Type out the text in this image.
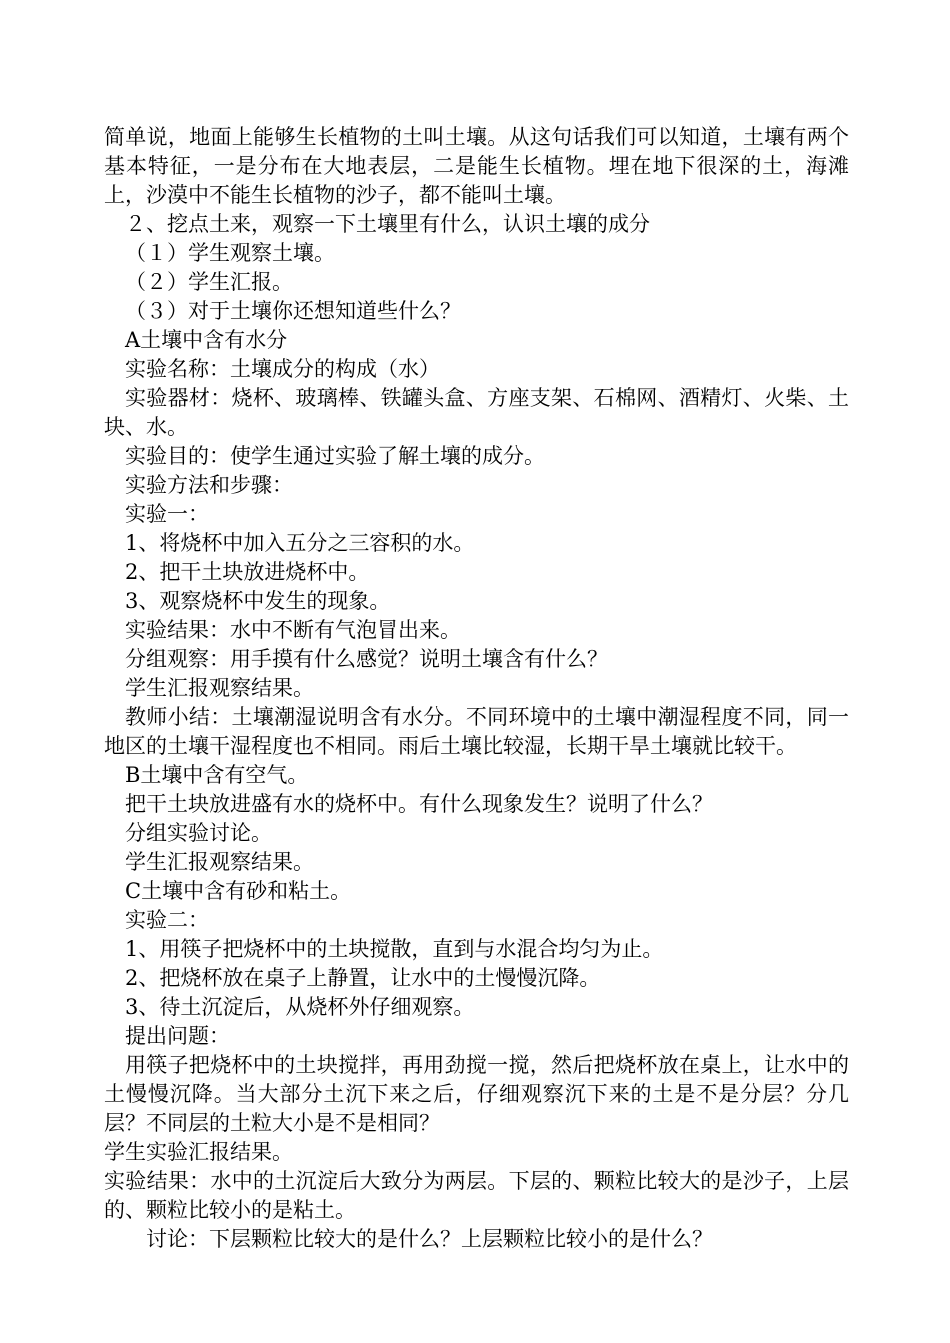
简单说，地面上能够生长植物的土叫土壤。从这句话我们可以知道，土壤有两个基本特征，一是分布在大地表层，二是能生长植物。埋在地下很深的土，海滩上，沙漠中不能生长植物的沙子，都不能叫土壤。

２、挖点土来，观察一下土壤里有什么，认识土壤的成分

（１）学生观察土壤。

（２）学生汇报。

（３）对于土壤你还想知道些什么？

A土壤中含有水分

实验名称：土壤成分的构成（水）

实验器材：烧杯、玻璃棒、铁罐头盒、方座支架、石棉网、酒精灯、火柴、土块、水。

实验目的：使学生通过实验了解土壤的成分。

实验方法和步骤：

实验一：

1、将烧杯中加入五分之三容积的水。

2、把干土块放进烧杯中。

3、观察烧杯中发生的现象。

实验结果：水中不断有气泡冒出来。

分组观察：用手摸有什么感觉？说明土壤含有什么？

学生汇报观察结果。

教师小结：土壤潮湿说明含有水分。不同环境中的土壤中潮湿程度不同，同一地区的土壤干湿程度也不相同。雨后土壤比较湿，长期干旱土壤就比较干。

B土壤中含有空气。

把干土块放进盛有水的烧杯中。有什么现象发生？说明了什么？

分组实验讨论。

学生汇报观察结果。

C土壤中含有砂和粘土。

实验二：

1、用筷子把烧杯中的土块搅散，直到与水混合均匀为止。

2、把烧杯放在桌子上静置，让水中的土慢慢沉降。

3、待土沉淀后，从烧杯外仔细观察。

提出问题：

用筷子把烧杯中的土块搅拌，再用劲搅一搅，然后把烧杯放在桌上，让水中的土慢慢沉降。当大部分土沉下来之后，仔细观察沉下来的土是不是分层？分几层？不同层的土粒大小是不是相同？

学生实验汇报结果。

实验结果：水中的土沉淀后大致分为两层。下层的、颗粒比较大的是沙子，上层的、颗粒比较小的是粘土。

讨论：下层颗粒比较大的是什么？上层颗粒比较小的是什么？
